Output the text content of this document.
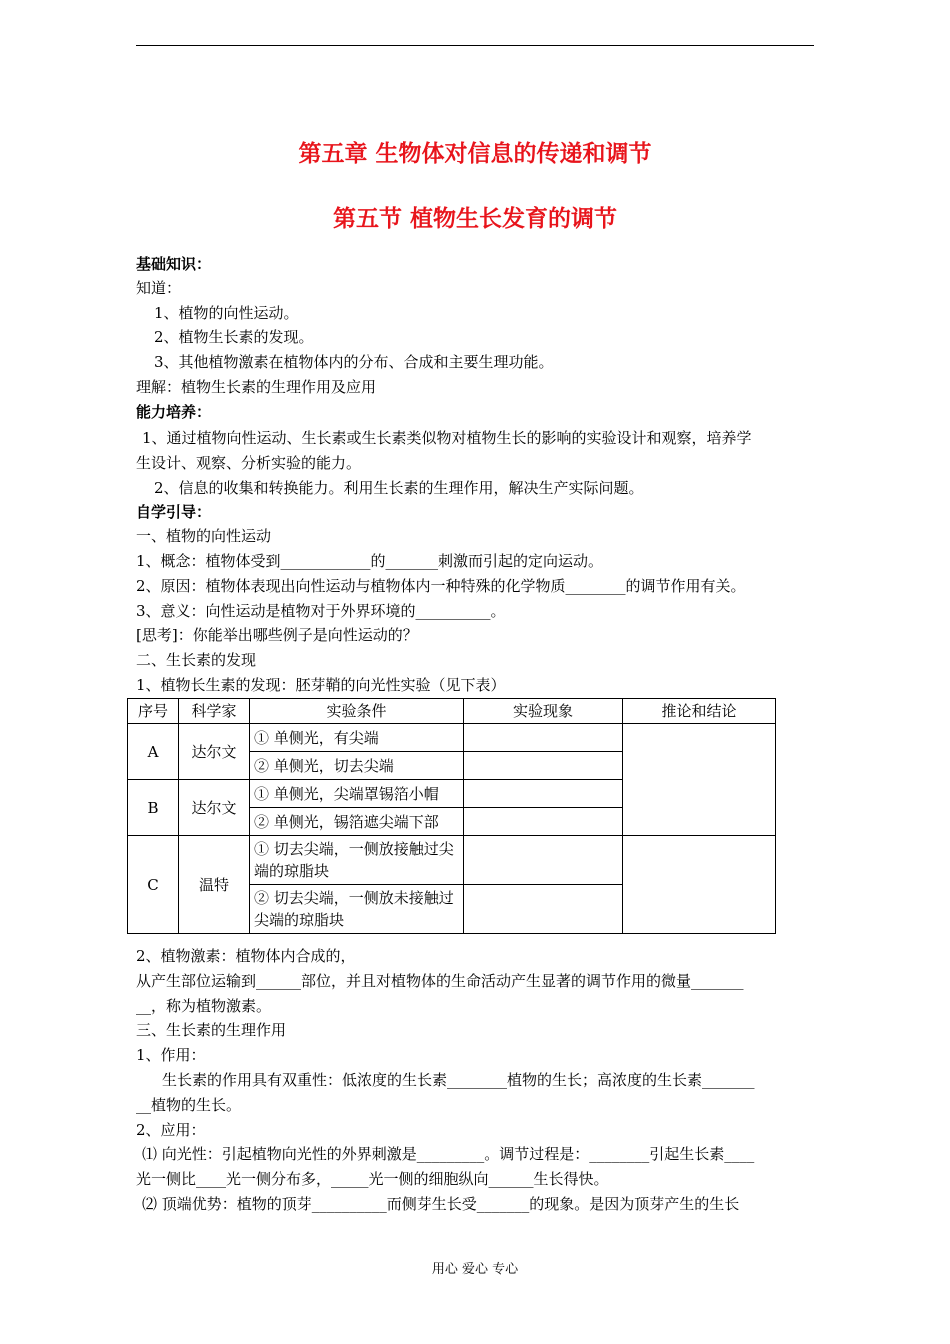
第五章 生物体对信息的传递和调节
第五节 植物生长发育的调节
基础知识：
知道：
1、植物的向性运动。
2、植物生长素的发现。
3、其他植物激素在植物体内的分布、合成和主要生理功能。
理解：植物生长素的生理作用及应用
能力培养：
1、通过植物向性运动、生长素或生长素类似物对植物生长的影响的实验设计和观察，培养学
生设计、观察、分析实验的能力。
2、信息的收集和转换能力。利用生长素的生理作用，解决生产实际问题。
自学引导：
一、植物的向性运动
1、概念：植物体受到____________的_______刺激而引起的定向运动。
2、原因：植物体表现出向性运动与植物体内一种特殊的化学物质________的调节作用有关。
3、意义：向性运动是植物对于外界环境的__________。
[思考]：你能举出哪些例子是向性运动的？
二、生长素的发现
1、植物长生素的发现：胚芽鞘的向光性实验（见下表）
序号	科学家	实验条件	实验现象	推论和结论
A	达尔文	① 单侧光，有尖端		
		② 单侧光，切去尖端		
B	达尔文	① 单侧光，尖端罩锡箔小帽		
		② 单侧光，锡箔遮尖端下部		
C	温特	① 切去尖端，一侧放接触过尖端的琼脂块		
		② 切去尖端，一侧放未接触过尖端的琼脂块		
2、植物激素：植物体内合成的，
从产生部位运输到______部位，并且对植物体的生命活动产生显著的调节作用的微量_______
__，称为植物激素。
三、生长素的生理作用
1、作用：
生长素的作用具有双重性：低浓度的生长素________植物的生长；高浓度的生长素_______
__植物的生长。
2、应用：
⑴ 向光性：引起植物向光性的外界刺激是_________。调节过程是：________引起生长素____
光一侧比____光一侧分布多，_____光一侧的细胞纵向______生长得快。
⑵ 顶端优势：植物的顶芽__________而侧芽生长受_______的现象。是因为顶芽产生的生长
用心 爱心 专心
